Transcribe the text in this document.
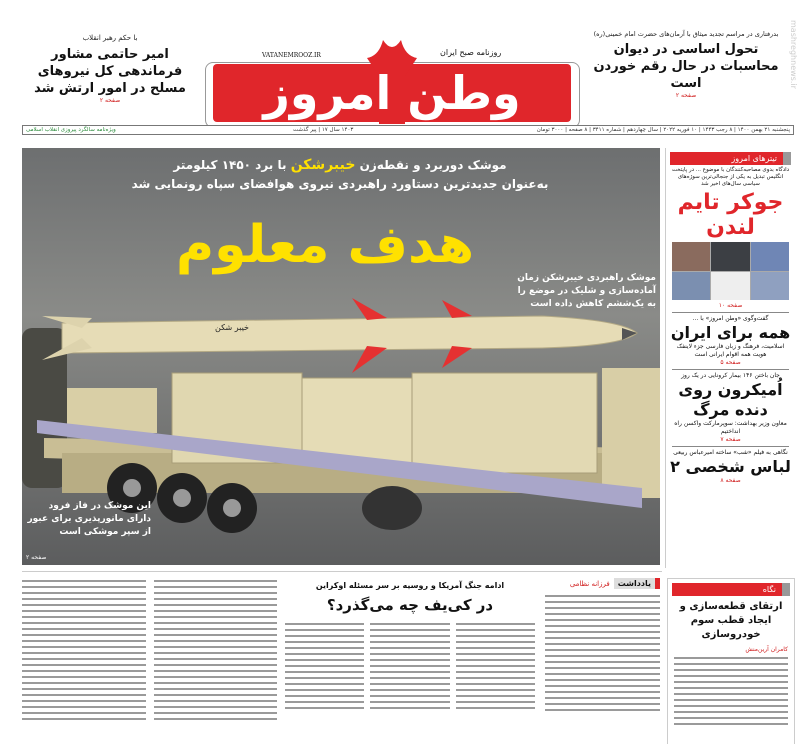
mashreghnews.ir
بدرفتاری در مراسم تجدید میثاق با آرمان‌های حضرت امام خمینی(ره)
تحول اساسی در دیوان محاسبات در حال رقم خوردن است
صفحه ۲
با حکم رهبر انقلاب
امیر حاتمی مشاور فرماندهی کل نیروهای مسلح در امور ارتش شد
صفحه ۲
روزنامه صبح ایران
VATANEMROOZ.IR
وطن امروز
پنجشنبه ۲۱ بهمن ۱۴۰۰ | ۸ رجب ۱۴۴۳ | ۱۰ فوریه ۲۰۲۲ | سال چهاردهم | شماره ۳۴۱۱ | ۸ صفحه | ۳۰۰۰ تومان
۱۴۰۳ سال ۱۷ | پیر گذشت
ویژه‌نامه سالگرد پیروزی انقلاب اسلامی
موشک دوربرد و نقطه‌زن خیبرشکن با برد ۱۴۵۰ کیلومتر
به‌عنوان جدیدترین دستاورد راهبردی نیروی هوافضای سپاه رونمایی شد
هدف معلوم
موشک راهبردی خیبرشکن زمان آماده‌سازی و شلیک در موضع را به یک‌ششم کاهش داده است
خیبر شکن
این موشک در فاز فرود دارای مانورپذیری برای عبور از سپر موشکی است
صفحه ۲
تیترهای امروز
دادگاه بدوی مصاحبه‌کنندگان با موضوع ... در پایتخت انگلیس تبدیل به یکی از جنجالی‌ترین سوژه‌های سیاسی سال‌های اخیر شد
جوکر تایم لندن
صفحه ۱۰
گفت‌وگوی «وطن امروز» با ...
همه برای ایران
اسلامیت، فرهنگ و زبان فارسی جزء لاینفک هویت همه اقوام ایرانی است
صفحه ۵
جان باختن ۱۴۶ بیمار کرونایی در یک روز
اُمیکرون روی دنده مرگ
معاون وزیر بهداشت: سوپرمارکت واکسن راه انداختیم
صفحه ۷
نگاهی به فیلم «شب» ساخته امیرعباس ربیعی
لباس شخصی ۲
صفحه ۸
یادداشت
فرزانه نظامی
ادامه جنگ آمریکا و روسیه بر سر مسئله اوکراین
در کی‌یف چه می‌گذرد؟
نگاه
ارتقای قطعه‌سازی و ایجاد قطب سوم خودروسازی
کامران آرین‌منش
